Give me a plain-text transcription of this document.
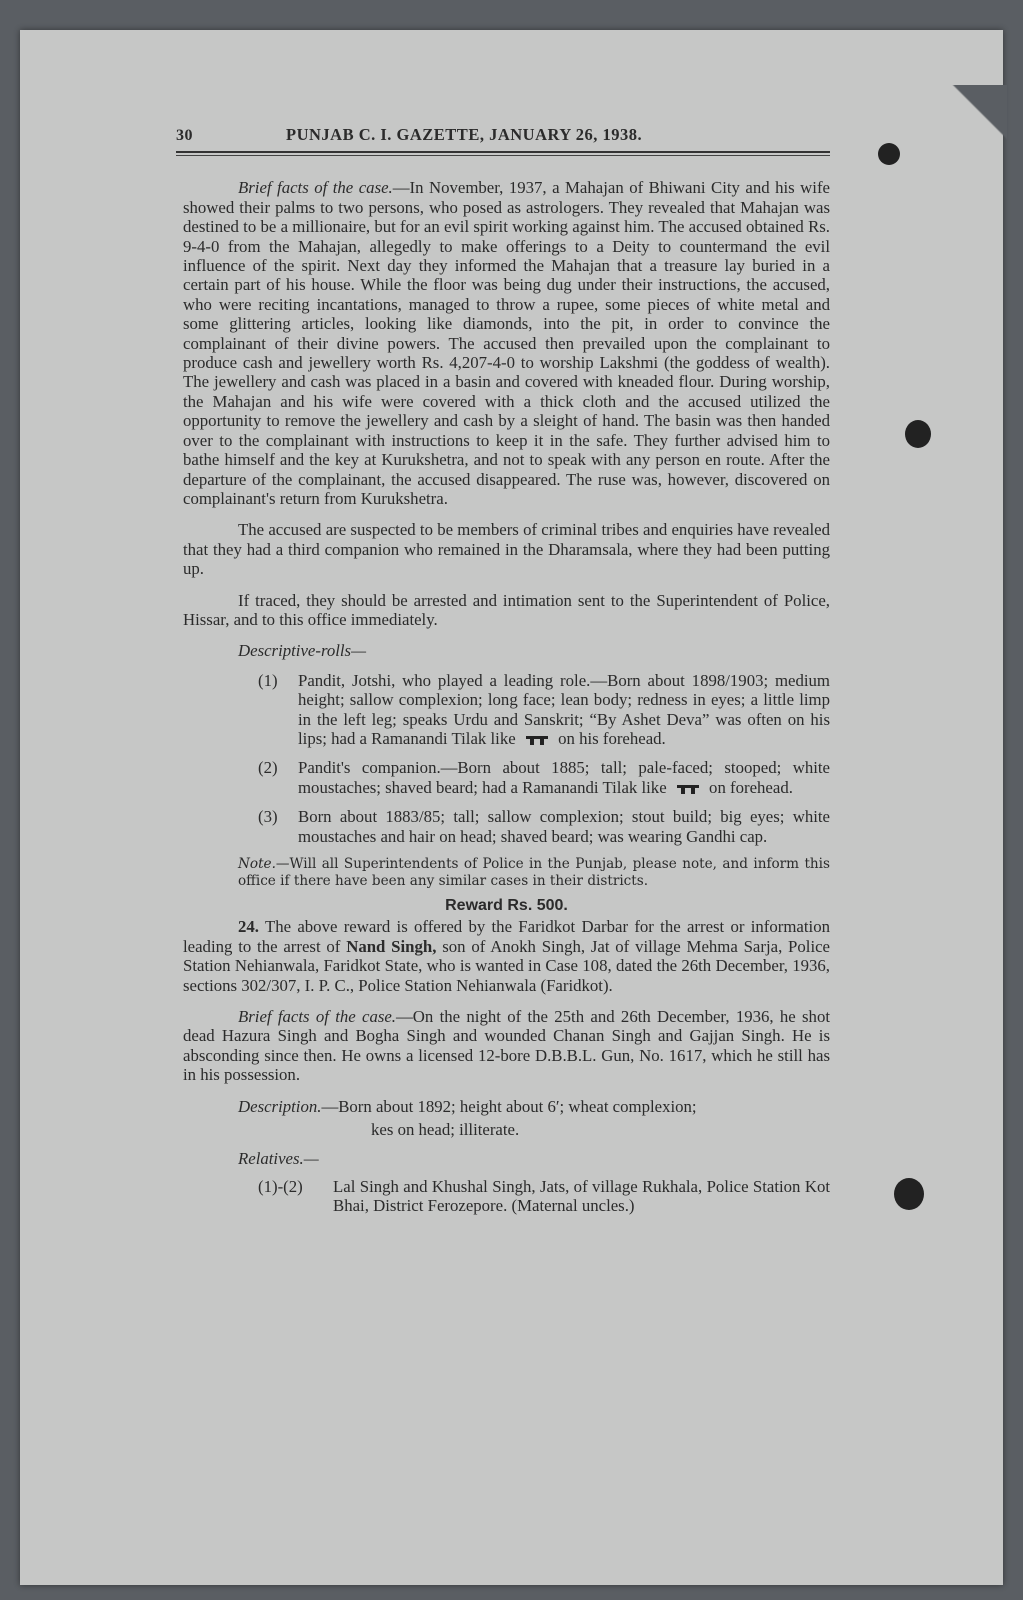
30	PUNJAB C. I. GAZETTE, JANUARY 26, 1938.

Brief facts of the case.—In November, 1937, a Mahajan of Bhiwani City and his wife showed their palms to two persons, who posed as astrologers. They revealed that Mahajan was destined to be a millionaire, but for an evil spirit working against him. The accused obtained Rs. 9-4-0 from the Mahajan, allegedly to make offerings to a Deity to countermand the evil influence of the spirit. Next day they informed the Mahajan that a treasure lay buried in a certain part of his house. While the floor was being dug under their instructions, the accused, who were reciting incantations, managed to throw a rupee, some pieces of white metal and some glittering articles, looking like diamonds, into the pit, in order to convince the complainant of their divine powers. The accused then prevailed upon the complainant to produce cash and jewellery worth Rs. 4,207-4-0 to worship Lakshmi (the goddess of wealth). The jewellery and cash was placed in a basin and covered with kneaded flour. During worship, the Mahajan and his wife were covered with a thick cloth and the accused utilized the opportunity to remove the jewellery and cash by a sleight of hand. The basin was then handed over to the complainant with instructions to keep it in the safe. They further advised him to bathe himself and the key at Kurukshetra, and not to speak with any person en route. After the departure of the complainant, the accused disappeared. The ruse was, however, discovered on complainant's return from Kurukshetra.

The accused are suspected to be members of criminal tribes and enquiries have revealed that they had a third companion who remained in the Dharamsala, where they had been putting up.

If traced, they should be arrested and intimation sent to the Superintendent of Police, Hissar, and to this office immediately.

Descriptive-rolls—
(1)	Pandit, Jotshi, who played a leading role.—Born about 1898/1903; medium height; sallow complexion; long face; lean body; redness in eyes; a little limp in the left leg; speaks Urdu and Sanskrit; “By Ashet Deva” was often on his lips; had a Ramanandi Tilak like	on his forehead.
(2)	Pandit's companion.—Born about 1885; tall; pale-faced; stooped; white moustaches; shaved beard; had a Ramanandi Tilak like	on forehead.
(3)	Born about 1883/85; tall; sallow complexion; stout build; big eyes; white moustaches and hair on head; shaved beard; was wearing Gandhi cap.
Note.—Will all Superintendents of Police in the Punjab, please note, and inform this office if there have been any similar cases in their districts.
Reward Rs. 500.

24. The above reward is offered by the Faridkot Darbar for the arrest or information leading to the arrest of Nand Singh, son of Anokh Singh, Jat of village Mehma Sarja, Police Station Nehianwala, Faridkot State, who is wanted in Case 108, dated the 26th December, 1936, sections 302/307, I. P. C., Police Station Nehianwala (Faridkot).

Brief facts of the case.—On the night of the 25th and 26th December, 1936, he shot dead Hazura Singh and Bogha Singh and wounded Chanan Singh and Gajjan Singh. He is absconding since then. He owns a licensed 12-bore D.B.B.L. Gun, No. 1617, which he still has in his possession.

Description.—Born about 1892; height about 6′; wheat complexion;
kes on head; illiterate.
Relatives.—
(1)-(2)	Lal Singh and Khushal Singh, Jats, of village Rukhala, Police Station Kot Bhai, District Ferozepore. (Maternal uncles.)
